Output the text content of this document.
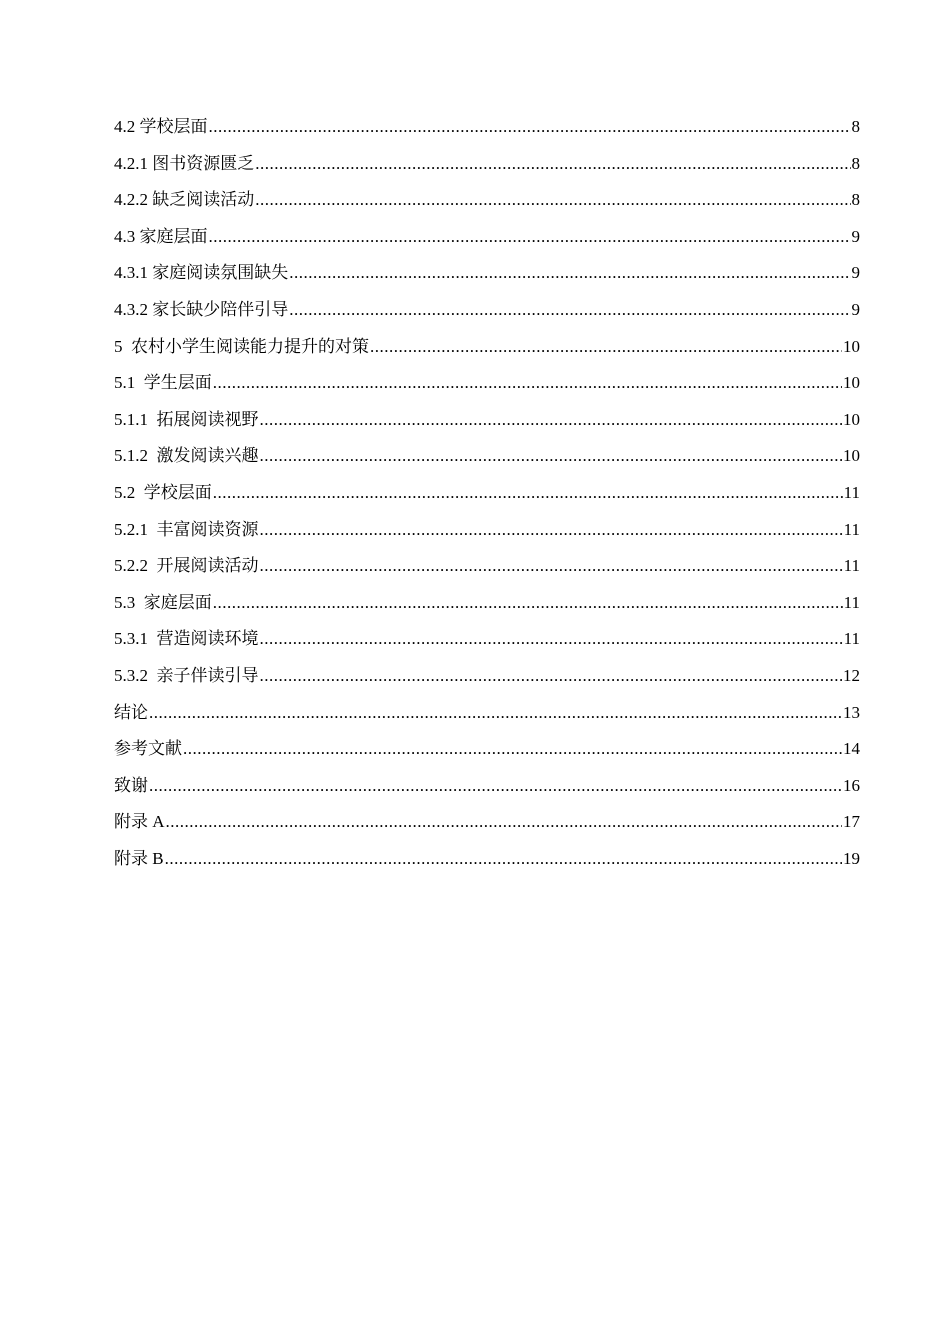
4.2 学校层面 .....	8
4.2.1 图书资源匮乏 .....	8
4.2.2 缺乏阅读活动 .....	8
4.3 家庭层面 .....	9
4.3.1 家庭阅读氛围缺失 .....	9
4.3.2 家长缺少陪伴引导 .....	9
5  农村小学生阅读能力提升的对策 .....	10
5.1  学生层面 .....	10
5.1.1  拓展阅读视野 .....	10
5.1.2  激发阅读兴趣 .....	10
5.2  学校层面 .....	11
5.2.1  丰富阅读资源 .....	11
5.2.2  开展阅读活动 .....	11
5.3  家庭层面 .....	11
5.3.1  营造阅读环境 .....	11
5.3.2  亲子伴读引导 .....	12
结论 .....	13
参考文献 .....	14
致谢 .....	16
附录 A .....	17
附录 B .....	19
